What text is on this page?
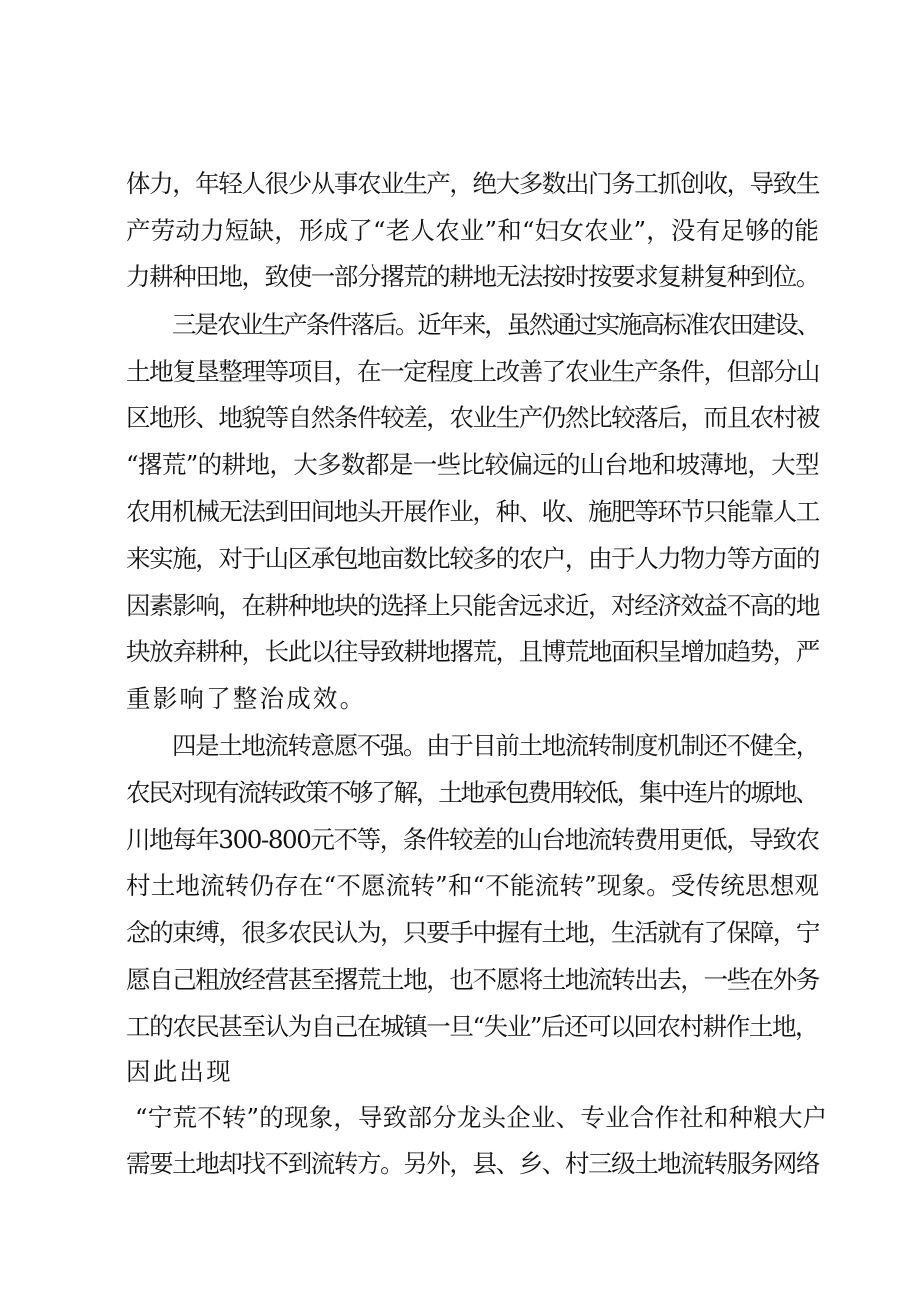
体力，年轻人很少从事农业生产，绝大多数出门务工抓创收，导致生
产劳动力短缺，形成了“老人农业”和“妇女农业”，没有足够的能
力耕种田地，致使一部分撂荒的耕地无法按时按要求复耕复种到位。
三是农业生产条件落后。近年来，虽然通过实施高标准农田建设、
土地复垦整理等项目，在一定程度上改善了农业生产条件，但部分山
区地形、地貌等自然条件较差，农业生产仍然比较落后，而且农村被
“撂荒”的耕地，大多数都是一些比较偏远的山台地和坡薄地，大型
农用机械无法到田间地头开展作业，种、收、施肥等环节只能靠人工
来实施，对于山区承包地亩数比较多的农户，由于人力物力等方面的
因素影响，在耕种地块的选择上只能舍远求近，对经济效益不高的地
块放弃耕种，长此以往导致耕地撂荒，且博荒地面积呈增加趋势，严
重影响了整治成效。
四是土地流转意愿不强。由于目前土地流转制度机制还不健全，
农民对现有流转政策不够了解，土地承包费用较低，集中连片的塬地、
川地每年300-800元不等，条件较差的山台地流转费用更低，导致农
村土地流转仍存在“不愿流转”和“不能流转”现象。受传统思想观
念的束缚，很多农民认为，只要手中握有土地，生活就有了保障，宁
愿自己粗放经营甚至撂荒土地，也不愿将土地流转出去，一些在外务
工的农民甚至认为自己在城镇一旦“失业”后还可以回农村耕作土地，
因此出现
“宁荒不转”的现象，导致部分龙头企业、专业合作社和种粮大户
需要土地却找不到流转方。另外，县、乡、村三级土地流转服务网络
